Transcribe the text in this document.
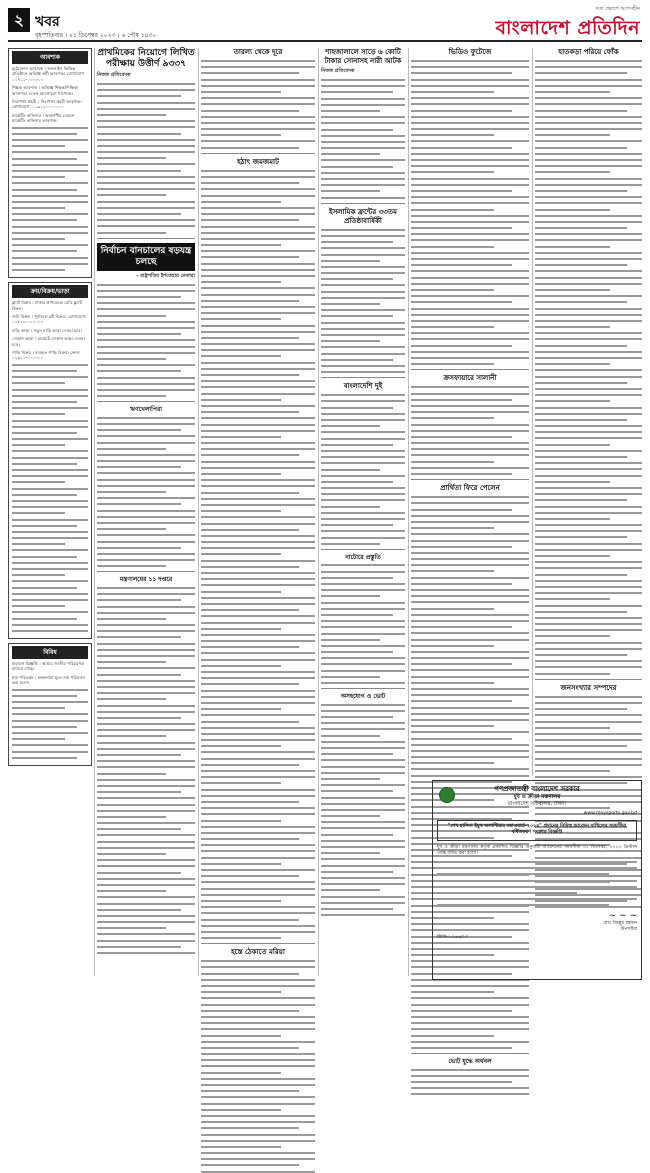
২ খবর
বৃহস্পতিবার । ২১ ডিসেম্বর ২০২৩ । ৬ পৌষ ১৪৩০
সত্য প্রকাশে আপসহীন
বাংলাদেশ প্রতিদিন
আবশ্যক
মুঠোফোন আবশ্যক । অনলাইন ভিত্তিক প্রতিষ্ঠানে অভিজ্ঞ কর্মী আবশ্যক। যোগাযোগ ০১৭১১-০০০০০০
শিক্ষক আবশ্যক । অভিজ্ঞ শিক্ষক/শিক্ষিকা আবশ্যক। বেতন আলোচনা সাপেক্ষে।
নিরাপত্তা প্রহরী । নিরাপত্তা প্রহরী আবশ্যক। যোগাযোগ: ০১৯১১-০০০০০০
মার্কেটিং অফিসার । আকর্ষণীয় বেতনে মার্কেটিং অফিসার আবশ্যক।
ক্রয়/বিক্রয়/ভাড়া
ফ্ল্যাট বিক্রয় । ঢাকার প্রাণকেন্দ্রে রেডি ফ্ল্যাট বিক্রয়।
জমি বিক্রয় । পূর্বাচলে প্লট বিক্রয়। যোগাযোগ: ০১৮১১-০০০০০০
বাড়ি ভাড়া । নতুন বাড়ি ভাড়া দেওয়া হবে।
দোকান ভাড়া । মার্কেটে দোকান ভাড়া দেওয়া হবে।
গাড়ি বিক্রয় । ব্যবহৃত গাড়ি বিক্রয়। ফোন: ০১৬১১-০০০০০০
বিবিধ
হারানো বিজ্ঞপ্তি । আমার জাতীয় পরিচয়পত্র হারিয়ে গেছে।
নাম পরিবর্তন । হলফনামা মূলে নাম পরিবর্তন করা হলো।
প্রাথমিকের নিয়োগে লিখিত পরীক্ষায় উত্তীর্ণ ৯৩৩৭
নিজস্ব প্রতিবেদক
নির্বাচন বানচালের ষড়যন্ত্র চলছে
- রাষ্ট্রপতির ইশতেহার নেতারা
ঋণখেলাপিরা
মন্ত্রণালয়ের ১১ দপ্তরে
তারল্য থেকে দূরে
হঠাৎ জমজমাট
হস্তে ঠেকাতে মরিয়া
শাহজালালে সাড়ে ৬ কোটি টাকার সোনাসহ নারী আটক
নিজস্ব প্রতিবেদক
ইসলামিক ফ্রন্টের ৩৩তম প্রতিষ্ঠাবার্ষিকী
বাংলাদেশি দুই
নাটোরে প্রস্তুতি
অসহযোগ ও ভোট
ভিডিও ফুটেজে
ক্রসফায়ারে সালানী
প্রার্থিতা ফিরে পেলেন
ভোট যুদ্ধে অর্থবল
হাতকড়া পরিয়ে ফোঁক
জনসংখ্যার সম্পদের
গণপ্রজাতন্ত্রী বাংলাদেশ সরকার
যুব ও ক্রীড়া মন্ত্রণালয়
বাংলাদেশ সচিবালয়, ঢাকা।
www.moysports.gov.bd
"শেখ হাসিনা ইয়ুথ ভলান্টিয়ার অ্যাওয়ার্ড-২০২৪" প্রদানের নিমিত্ত আবেদন দাখিলের সময়সীমা বর্ধিতকরণ সংক্রান্ত বিজ্ঞপ্তি
যুব ও ক্রীড়া মন্ত্রণালয় কর্তৃক প্রকাশিত বিজ্ঞপ্তি অনুযায়ী আবেদনের সময়সীমা ৩১ ডিসেম্বর, ২০২৩ খ্রিস্টাব্দ পর্যন্ত বর্ধিত করা হলো।
~ ~ ~
মোঃ জিল্লুর রহমান
উপসচিব
জিডি-১০৬৬/২৩
